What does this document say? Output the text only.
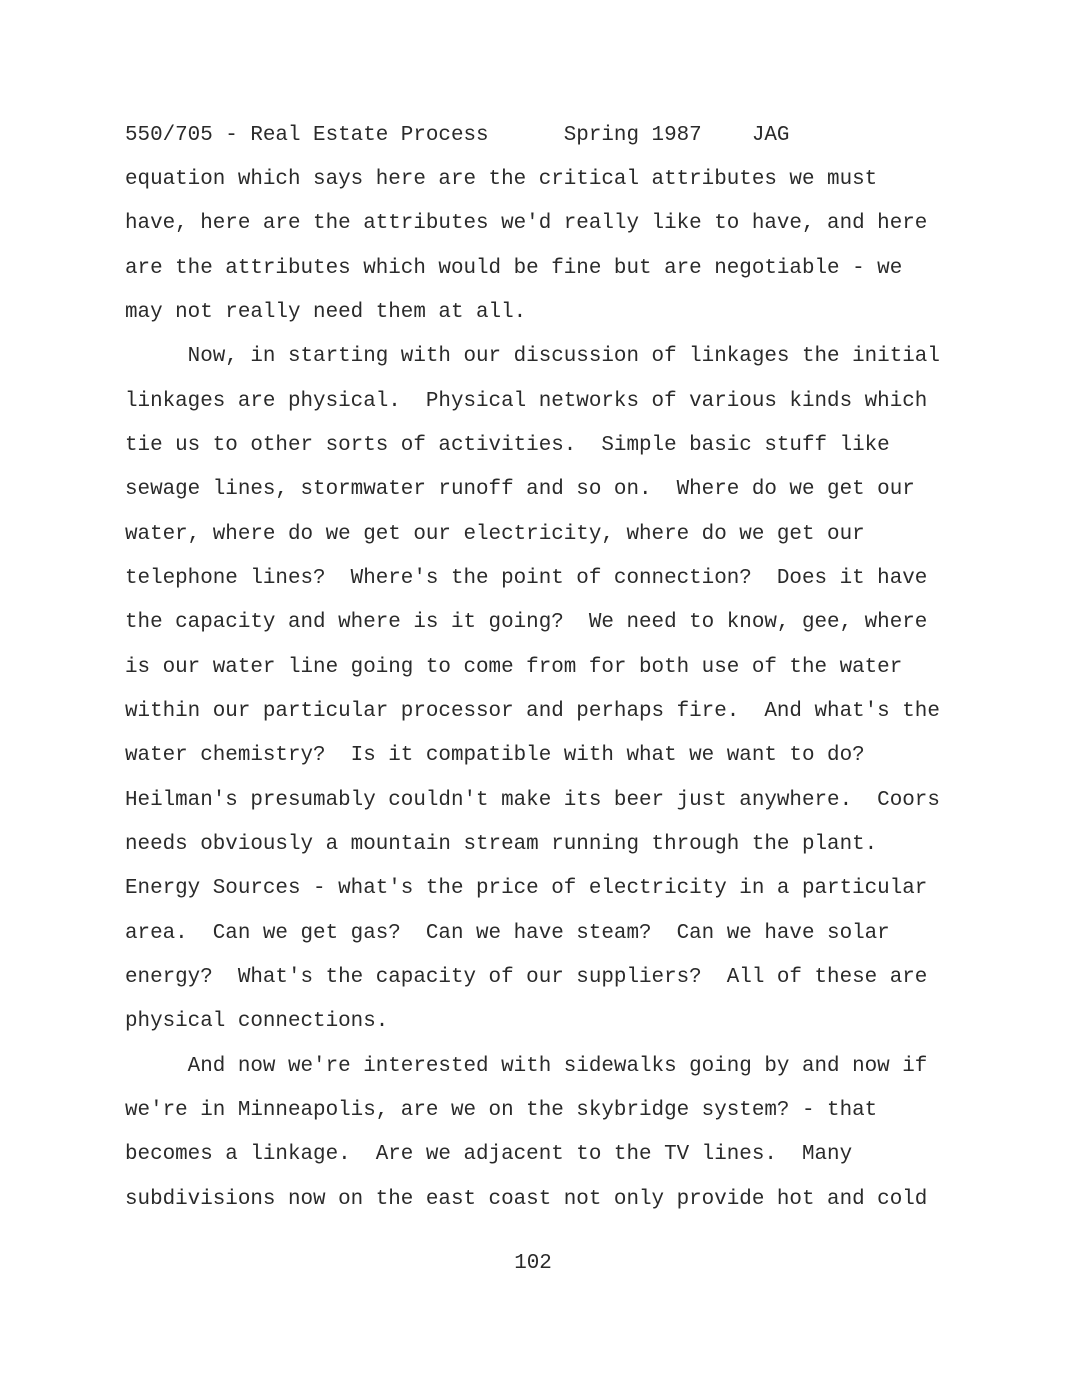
550/705 - Real Estate Process      Spring 1987    JAG
equation which says here are the critical attributes we must
have, here are the attributes we'd really like to have, and here
are the attributes which would be fine but are negotiable - we
may not really need them at all.
Now, in starting with our discussion of linkages the initial
linkages are physical.  Physical networks of various kinds which
tie us to other sorts of activities.  Simple basic stuff like
sewage lines, stormwater runoff and so on.  Where do we get our
water, where do we get our electricity, where do we get our
telephone lines?  Where's the point of connection?  Does it have
the capacity and where is it going?  We need to know, gee, where
is our water line going to come from for both use of the water
within our particular processor and perhaps fire.  And what's the
water chemistry?  Is it compatible with what we want to do?
Heilman's presumably couldn't make its beer just anywhere.  Coors
needs obviously a mountain stream running through the plant.
Energy Sources - what's the price of electricity in a particular
area.  Can we get gas?  Can we have steam?  Can we have solar
energy?  What's the capacity of our suppliers?  All of these are
physical connections.
And now we're interested with sidewalks going by and now if
we're in Minneapolis, are we on the skybridge system? - that
becomes a linkage.  Are we adjacent to the TV lines.  Many
subdivisions now on the east coast not only provide hot and cold
102
